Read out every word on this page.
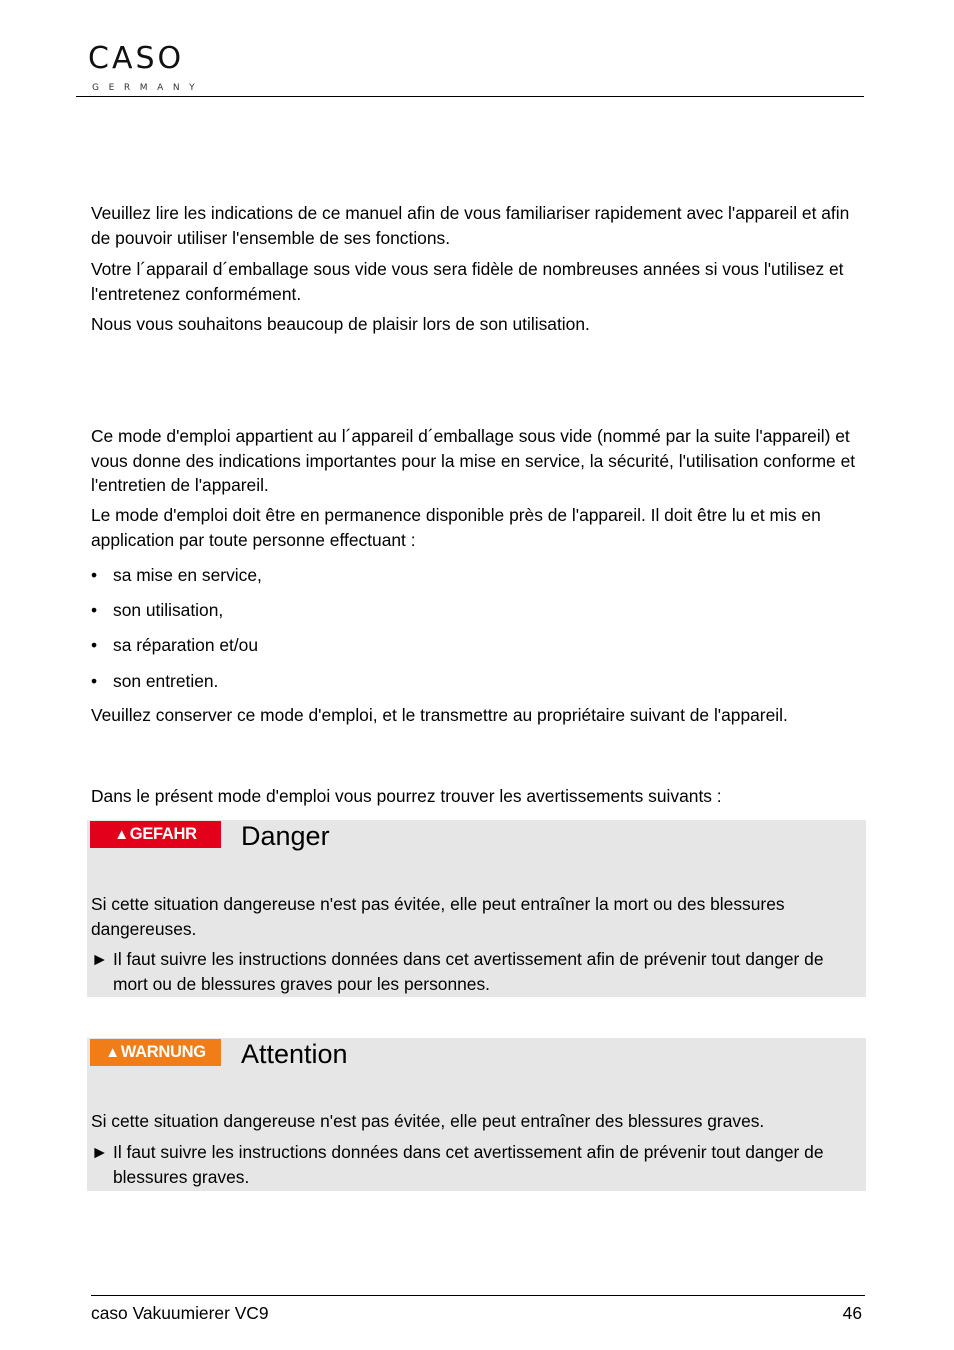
CASO
GERMANY

Veuillez lire les indications de ce manuel afin de vous familiariser rapidement avec l'appareil et afin de pouvoir utiliser l'ensemble de ses fonctions.

Votre l´apparail d´emballage sous vide vous sera fidèle de nombreuses années si vous l'utilisez et l'entretenez conformément.

Nous vous souhaitons beaucoup de plaisir lors de son utilisation.

Ce mode d'emploi appartient au l´appareil d´emballage sous vide (nommé par la suite l'appareil) et vous donne des indications importantes pour la mise en service, la sécurité, l'utilisation conforme et l'entretien de l'appareil.

Le mode d'emploi doit être en permanence disponible près de l'appareil. Il doit être lu et mis en application par toute personne effectuant :

• sa mise en service,
• son utilisation,
• sa réparation et/ou
• son entretien.

Veuillez conserver ce mode d'emploi, et le transmettre au propriétaire suivant de l'appareil.

Dans le présent mode d'emploi vous pourrez trouver les avertissements suivants :

▲GEFAHR	Danger

Si cette situation dangereuse n'est pas évitée, elle peut entraîner la mort ou des blessures dangereuses.

► Il faut suivre les instructions données dans cet avertissement afin de prévenir tout danger de mort ou de blessures graves pour les personnes.
▲WARNUNG	Attention

Si cette situation dangereuse n'est pas évitée, elle peut entraîner des blessures graves.

► Il faut suivre les instructions données dans cet avertissement afin de prévenir tout danger de blessures graves.
caso Vakuumierer VC9	46
